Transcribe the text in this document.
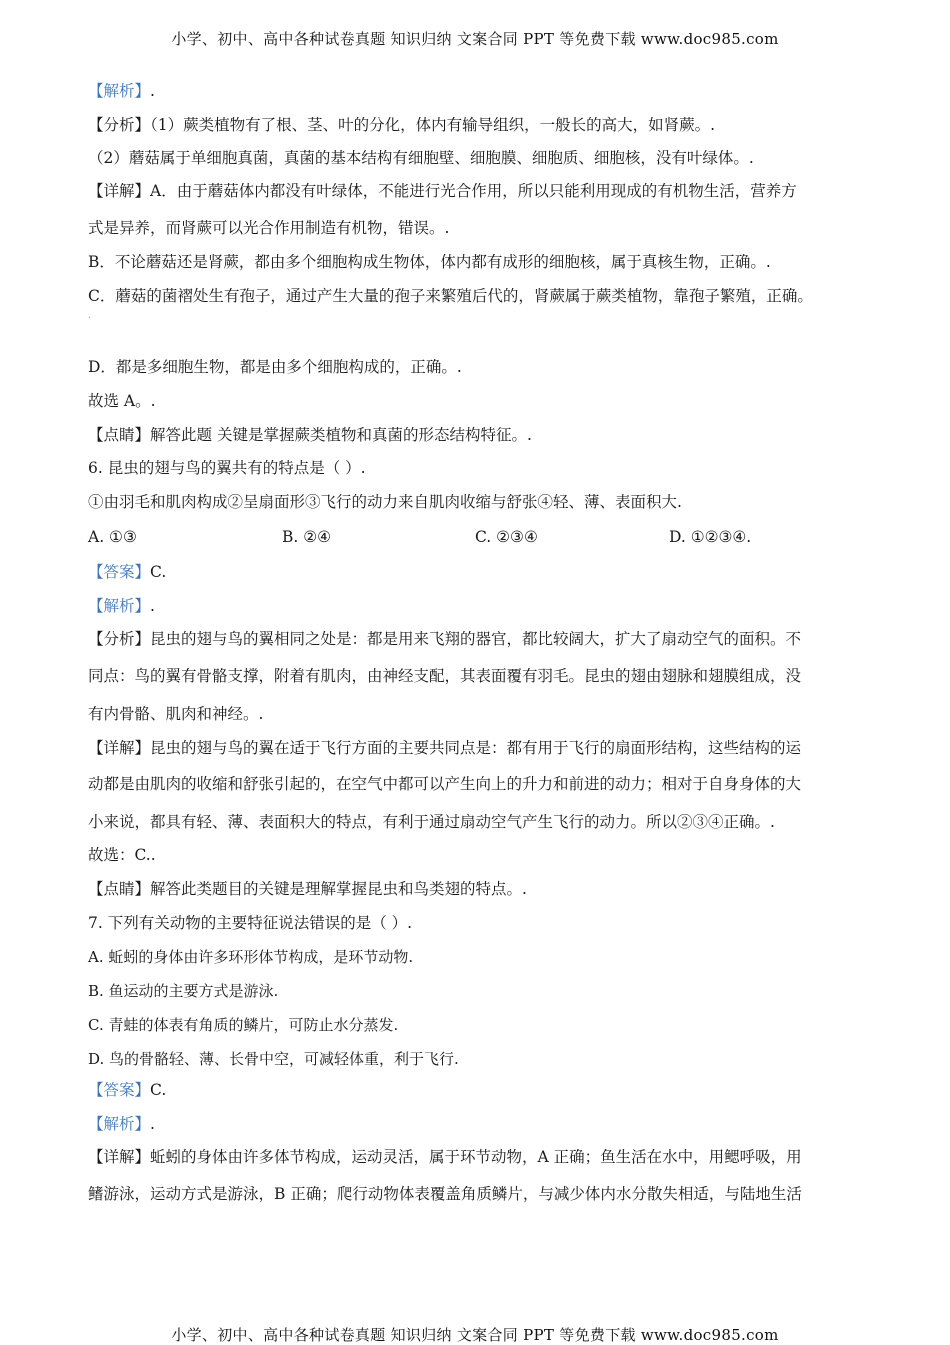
小学、初中、高中各种试卷真题 知识归纳 文案合同 PPT 等免费下载 www.doc985.com
【解析】.
【分析】（1）蕨类植物有了根、茎、叶的分化，体内有输导组织，一般长的高大，如肾蕨。.
（2）蘑菇属于单细胞真菌，真菌的基本结构有细胞壁、细胞膜、细胞质、细胞核，没有叶绿体。.
【详解】A．由于蘑菇体内都没有叶绿体，不能进行光合作用，所以只能利用现成的有机物生活，营养方
式是异养，而肾蕨可以光合作用制造有机物，错误。.
B．不论蘑菇还是肾蕨，都由多个细胞构成生物体，体内都有成形的细胞核，属于真核生物，正确。.
C．蘑菇的菌褶处生有孢子，通过产生大量的孢子来繁殖后代的，肾蕨属于蕨类植物，靠孢子繁殖，正确。
.
D．都是多细胞生物，都是由多个细胞构成的，正确。.
故选 A。.
【点睛】解答此题 关键是掌握蕨类植物和真菌的形态结构特征。.
6. 昆虫的翅与鸟的翼共有的特点是（ ）.
①由羽毛和肌肉构成②呈扇面形③飞行的动力来自肌肉收缩与舒张④轻、薄、表面积大.
A. ①③	B. ②④	C. ②③④	D. ①②③④.
【答案】C.
【解析】.
【分析】昆虫的翅与鸟的翼相同之处是：都是用来飞翔的器官，都比较阔大，扩大了扇动空气的面积。不
同点：鸟的翼有骨骼支撑，附着有肌肉，由神经支配，其表面覆有羽毛。昆虫的翅由翅脉和翅膜组成，没
有内骨骼、肌肉和神经。.
【详解】昆虫的翅与鸟的翼在适于飞行方面的主要共同点是：都有用于飞行的扇面形结构，这些结构的运
动都是由肌肉的收缩和舒张引起的，在空气中都可以产生向上的升力和前进的动力；相对于自身身体的大
小来说，都具有轻、薄、表面积大的特点，有利于通过扇动空气产生飞行的动力。所以②③④正确。.
故选：C..
【点睛】解答此类题目的关键是理解掌握昆虫和鸟类翅的特点。.
7. 下列有关动物的主要特征说法错误的是（ ）.
A. 蚯蚓的身体由许多环形体节构成，是环节动物.
B. 鱼运动的主要方式是游泳.
C. 青蛙的体表有角质的鳞片，可防止水分蒸发.
D. 鸟的骨骼轻、薄、长骨中空，可减轻体重，利于飞行.
【答案】C.
【解析】.
【详解】蚯蚓的身体由许多体节构成，运动灵活，属于环节动物，A 正确；鱼生活在水中，用鳃呼吸，用
鳍游泳，运动方式是游泳，B 正确；爬行动物体表覆盖角质鳞片，与减少体内水分散失相适，与陆地生活
小学、初中、高中各种试卷真题 知识归纳 文案合同 PPT 等免费下载 www.doc985.com
